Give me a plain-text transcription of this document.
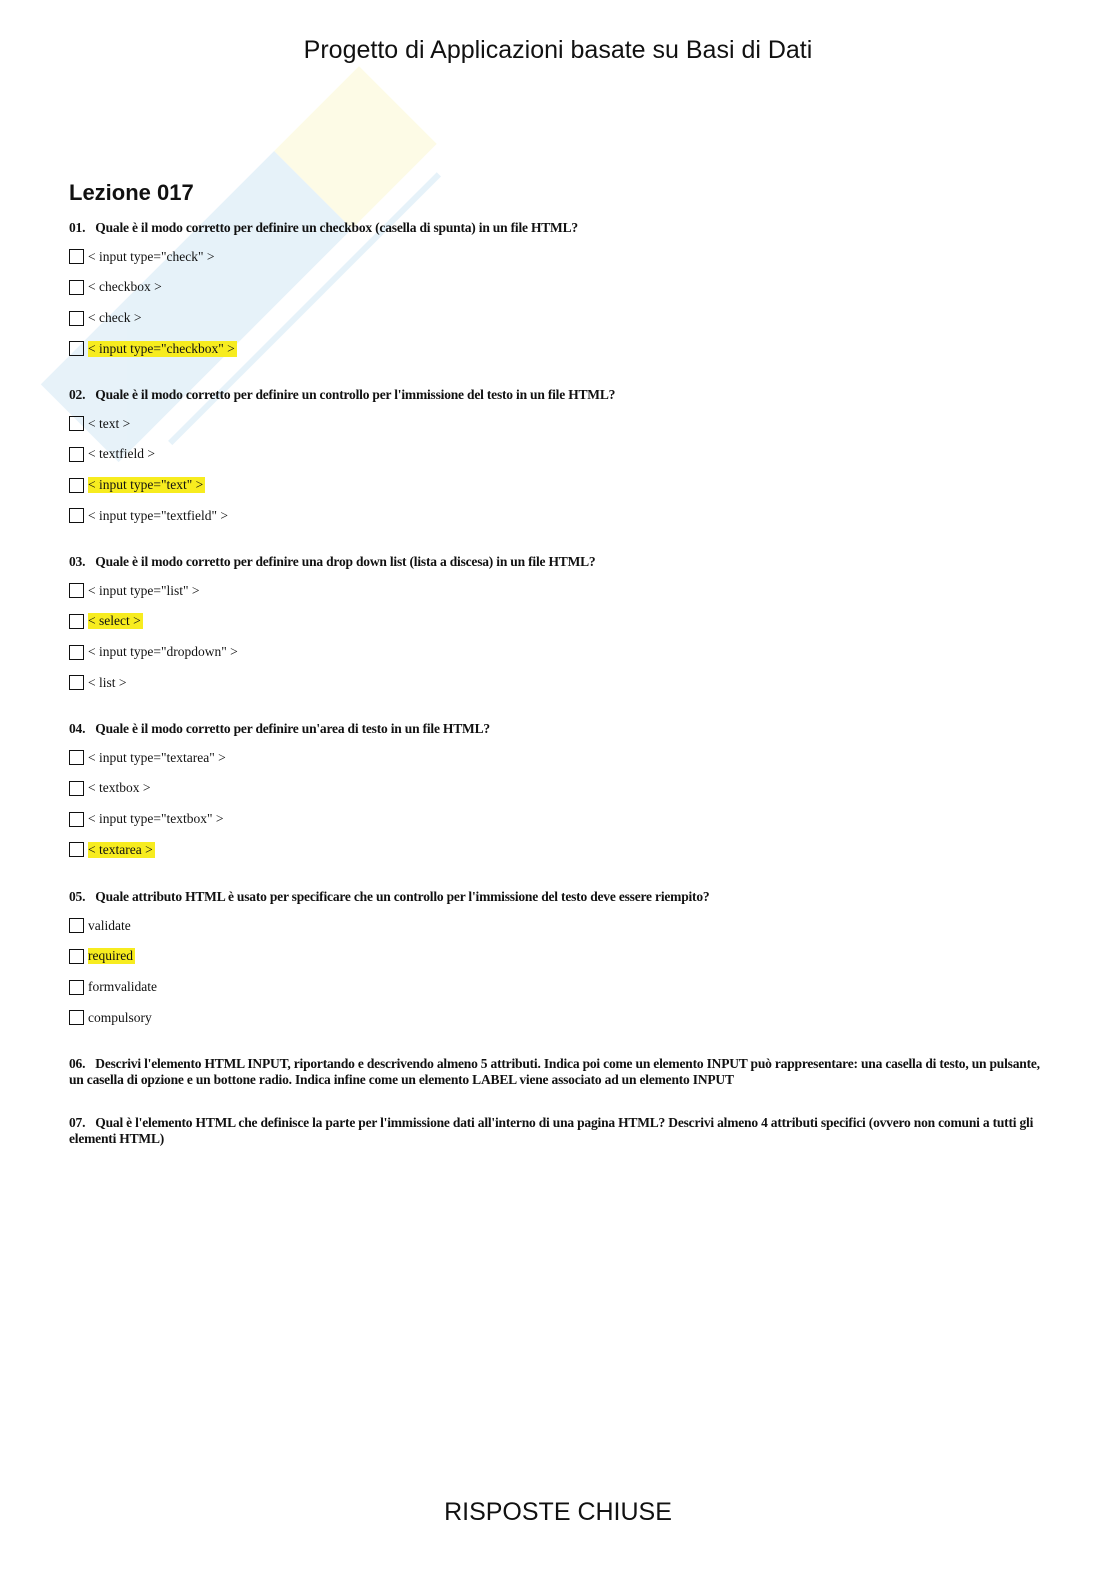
Progetto di Applicazioni basate su Basi di Dati
Lezione 017
01. Quale è il modo corretto per definire un checkbox (casella di spunta) in un file HTML?
< input type="check" >
< checkbox >
< check >
< input type="checkbox" >
02. Quale è il modo corretto per definire un controllo per l'immissione del testo in un file HTML?
< text >
< textfield >
< input type="text" >
< input type="textfield" >
03. Quale è il modo corretto per definire una drop down list (lista a discesa) in un file HTML?
< input type="list" >
< select >
< input type="dropdown" >
< list >
04. Quale è il modo corretto per definire un'area di testo in un file HTML?
< input type="textarea" >
< textbox >
< input type="textbox" >
< textarea >
05. Quale attributo HTML è usato per specificare che un controllo per l'immissione del testo deve essere riempito?
validate
required
formvalidate
compulsory
06. Descrivi l'elemento HTML INPUT, riportando e descrivendo almeno 5 attributi. Indica poi come un elemento INPUT può rappresentare: una casella di testo, un pulsante, un casella di opzione e un bottone radio. Indica infine come un elemento LABEL viene associato ad un elemento INPUT
07. Qual è l'elemento HTML che definisce la parte per l'immissione dati all'interno di una pagina HTML? Descrivi almeno 4 attributi specifici (ovvero non comuni a tutti gli elementi HTML)
RISPOSTE CHIUSE
